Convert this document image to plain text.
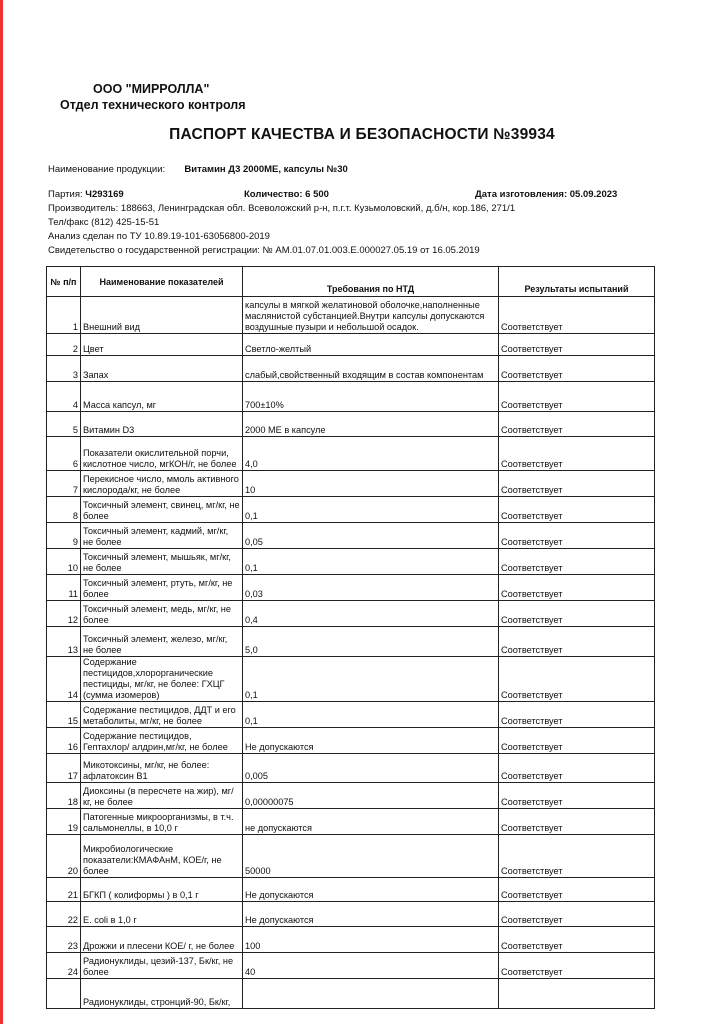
ООО "МИРРОЛЛА"
Отдел технического контроля
ПАСПОРТ КАЧЕСТВА И БЕЗОПАСНОСТИ №39934
Наименование продукции: Витамин Д3 2000МЕ, капсулы №30
Партия: Ч293169	Количество: 6 500	Дата изготовления: 05.09.2023
Производитель: 188663, Ленинградская обл. Всеволожский р-н, п.г.т. Кузьмоловский, д.б/н, кор.186, 271/1
Тел/факс (812) 425-15-51
Анализ сделан по ТУ 10.89.19-101-63056800-2019
Свидетельство о государственной регистрации: № АМ.01.07.01.003.Е.000027.05.19 от 16.05.2019
№ п/п	Наименование показателей	Требования по НТД	Результаты испытаний
1	Внешний вид	капсулы в мягкой желатиновой оболочке,наполненные маслянистой субстанцией.Внутри капсулы допускаются воздушные пузыри и небольшой осадок.	Соответствует
2	Цвет	Светло-желтый	Соответствует
3	Запах	слабый,свойственный входящим в состав компонентам	Соответствует
4	Масса капсул, мг	700±10%	Соответствует
5	Витамин D3	2000 МЕ в капсуле	Соответствует
6	Показатели окислительной порчи, кислотное число, мгКОН/г, не более	4,0	Соответствует
7	Перекисное число, ммоль активного кислорода/кг, не более	10	Соответствует
8	Токсичный элемент, свинец, мг/кг, не более	0,1	Соответствует
9	Токсичный элемент, кадмий, мг/кг, не более	0,05	Соответствует
10	Токсичный элемент, мышьяк, мг/кг, не более	0,1	Соответствует
11	Токсичный элемент, ртуть, мг/кг, не более	0,03	Соответствует
12	Токсичный элемент, медь, мг/кг, не более	0,4	Соответствует
13	Токсичный элемент, железо, мг/кг, не более	5,0	Соответствует
14	Содержание пестицидов,хлорорганические пестициды, мг/кг, не более: ГХЦГ (сумма изомеров)	0,1	Соответствует
15	Содержание пестицидов, ДДТ и его метаболиты, мг/кг, не более	0,1	Соответствует
16	Содержание пестицидов, Гептахлор/ алдрин,мг/кг, не более	Не допускаются	Соответствует
17	Микотоксины, мг/кг, не более: афлатоксин В1	0,005	Соответствует
18	Диоксины (в пересчете на жир), мг/кг, не более	0,00000075	Соответствует
19	Патогенные микроорганизмы, в т.ч. сальмонеллы, в 10,0 г	не допускаются	Соответствует
20	Микробиологические показатели:КМАФАнМ, КОЕ/г, не более	50000	Соответствует
21	БГКП ( колиформы ) в 0,1 г	Не допускаются	Соответствует
22	E. coli в 1,0 г	Не допускаются	Соответствует
23	Дрожжи и плесени КОЕ/ г, не более	100	Соответствует
24	Радионуклиды, цезий-137, Бк/кг, не более	40	Соответствует
	Радионуклиды, стронций-90, Бк/кг,		
